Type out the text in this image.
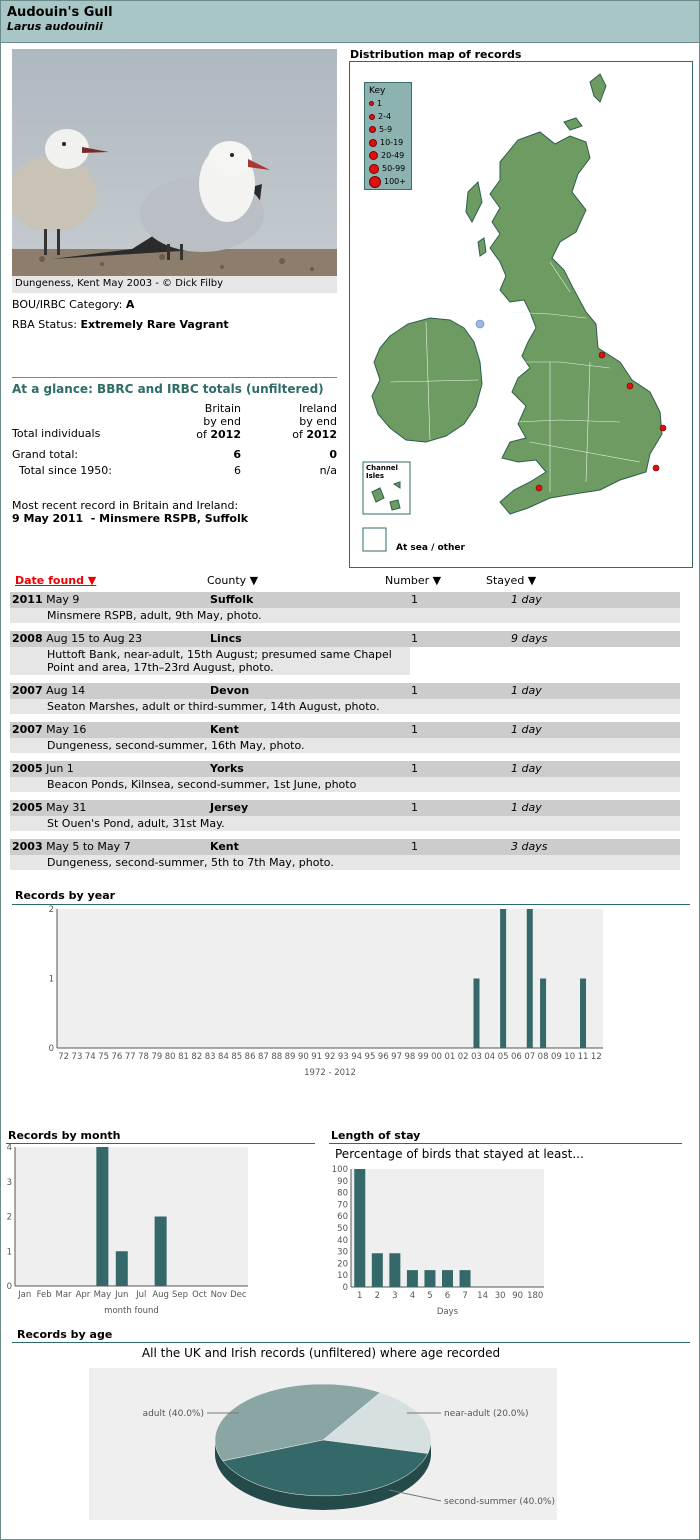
Audouin's Gull
Larus audouinii
Dungeness, Kent May 2003 - © Dick Filby
BOU/IRBC Category: A
RBA Status: Extremely Rare Vagrant
At a glance: BBRC and IRBC totals (unfiltered)
Britain
by end
of 2012
Ireland
by end
of 2012
Total individuals
Grand total:	6	0
Total since 1950:	6	n/a
Most recent record in Britain and Ireland:
9 May 2011  - Minsmere RSPB, Suffolk
Distribution map of records
Key
1
2-4
5-9
10-19
20-49
50-99
100+
Channel
Isles
At sea / other
Date found ▼	County ▼	Number ▼	Stayed ▼
2011 May 9	Suffolk	1	1 day
Minsmere RSPB, adult, 9th May, photo.
2008 Aug 15 to Aug 23	Lincs	1	9 days
Huttoft Bank, near-adult, 15th August; presumed same Chapel Point and area, 17th–23rd August, photo.
2007 Aug 14	Devon	1	1 day
Seaton Marshes, adult or third-summer, 14th August, photo.
2007 May 16	Kent	1	1 day
Dungeness, second-summer, 16th May, photo.
2005 Jun 1	Yorks	1	1 day
Beacon Ponds, Kilnsea, second-summer, 1st June, photo
2005 May 31	Jersey	1	1 day
St Ouen's Pond, adult, 31st May.
2003 May 5 to May 7	Kent	1	3 days
Dungeness, second-summer, 5th to 7th May, photo.
Records by year
0
1
2
72 73 74 75 76 77 78 79 80 81 82 83 84 85 86 87 88 89 90 91 92 93 94 95 96 97 98 99 00 01 02 03 04 05 06 07 08 09 10 11 12
1972 - 2012
Records by month
0
1
2
3
4
Jan Feb Mar Apr May Jun Jul Aug Sep Oct Nov Dec
month found
Length of stay
Percentage of birds that stayed at least...
0
10
20
30
40
50
60
70
80
90
100
1 2 3 4 5 6 7 14 30 90 180
Days
Records by age
All the UK and Irish records (unfiltered) where age recorded
adult (40.0%)	near-adult (20.0%)
second-summer (40.0%)
